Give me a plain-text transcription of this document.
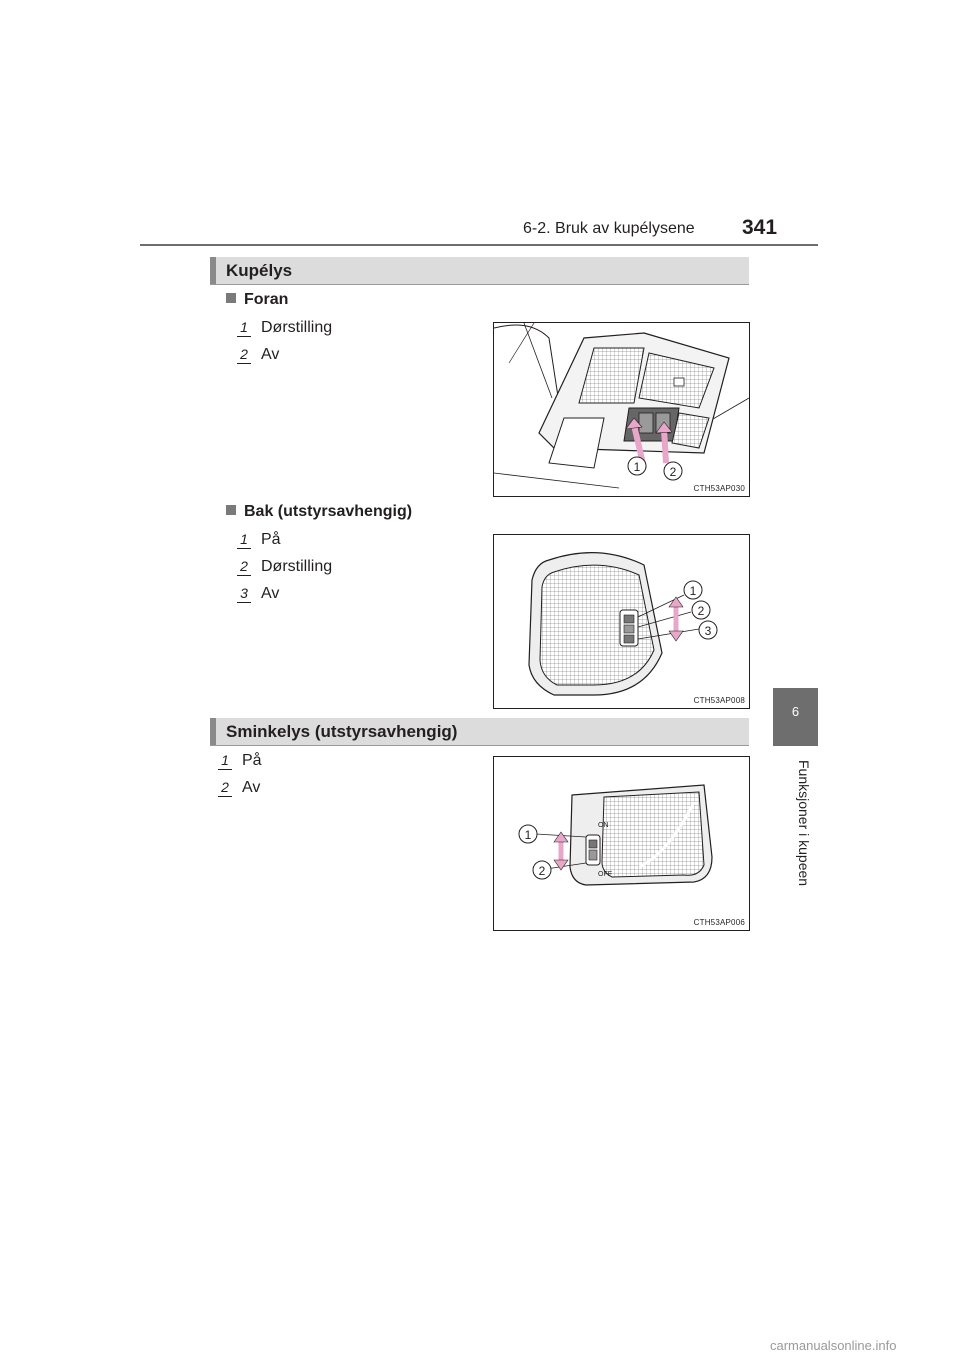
6-2. Bruk av kupélysene 341
Kupélys
Foran
1 Dørstilling
2 Av
1 2
CTH53AP030
Bak (utstyrsavhengig)
1 På
2 Dørstilling
3 Av	1
2
3
CTH53AP008
Sminkelys (utstyrsavhengig)
1 På
2 Av
ON
OFF
1
2
CTH53AP006
6
Funksjoner i kupeen
carmanualsonline.info
